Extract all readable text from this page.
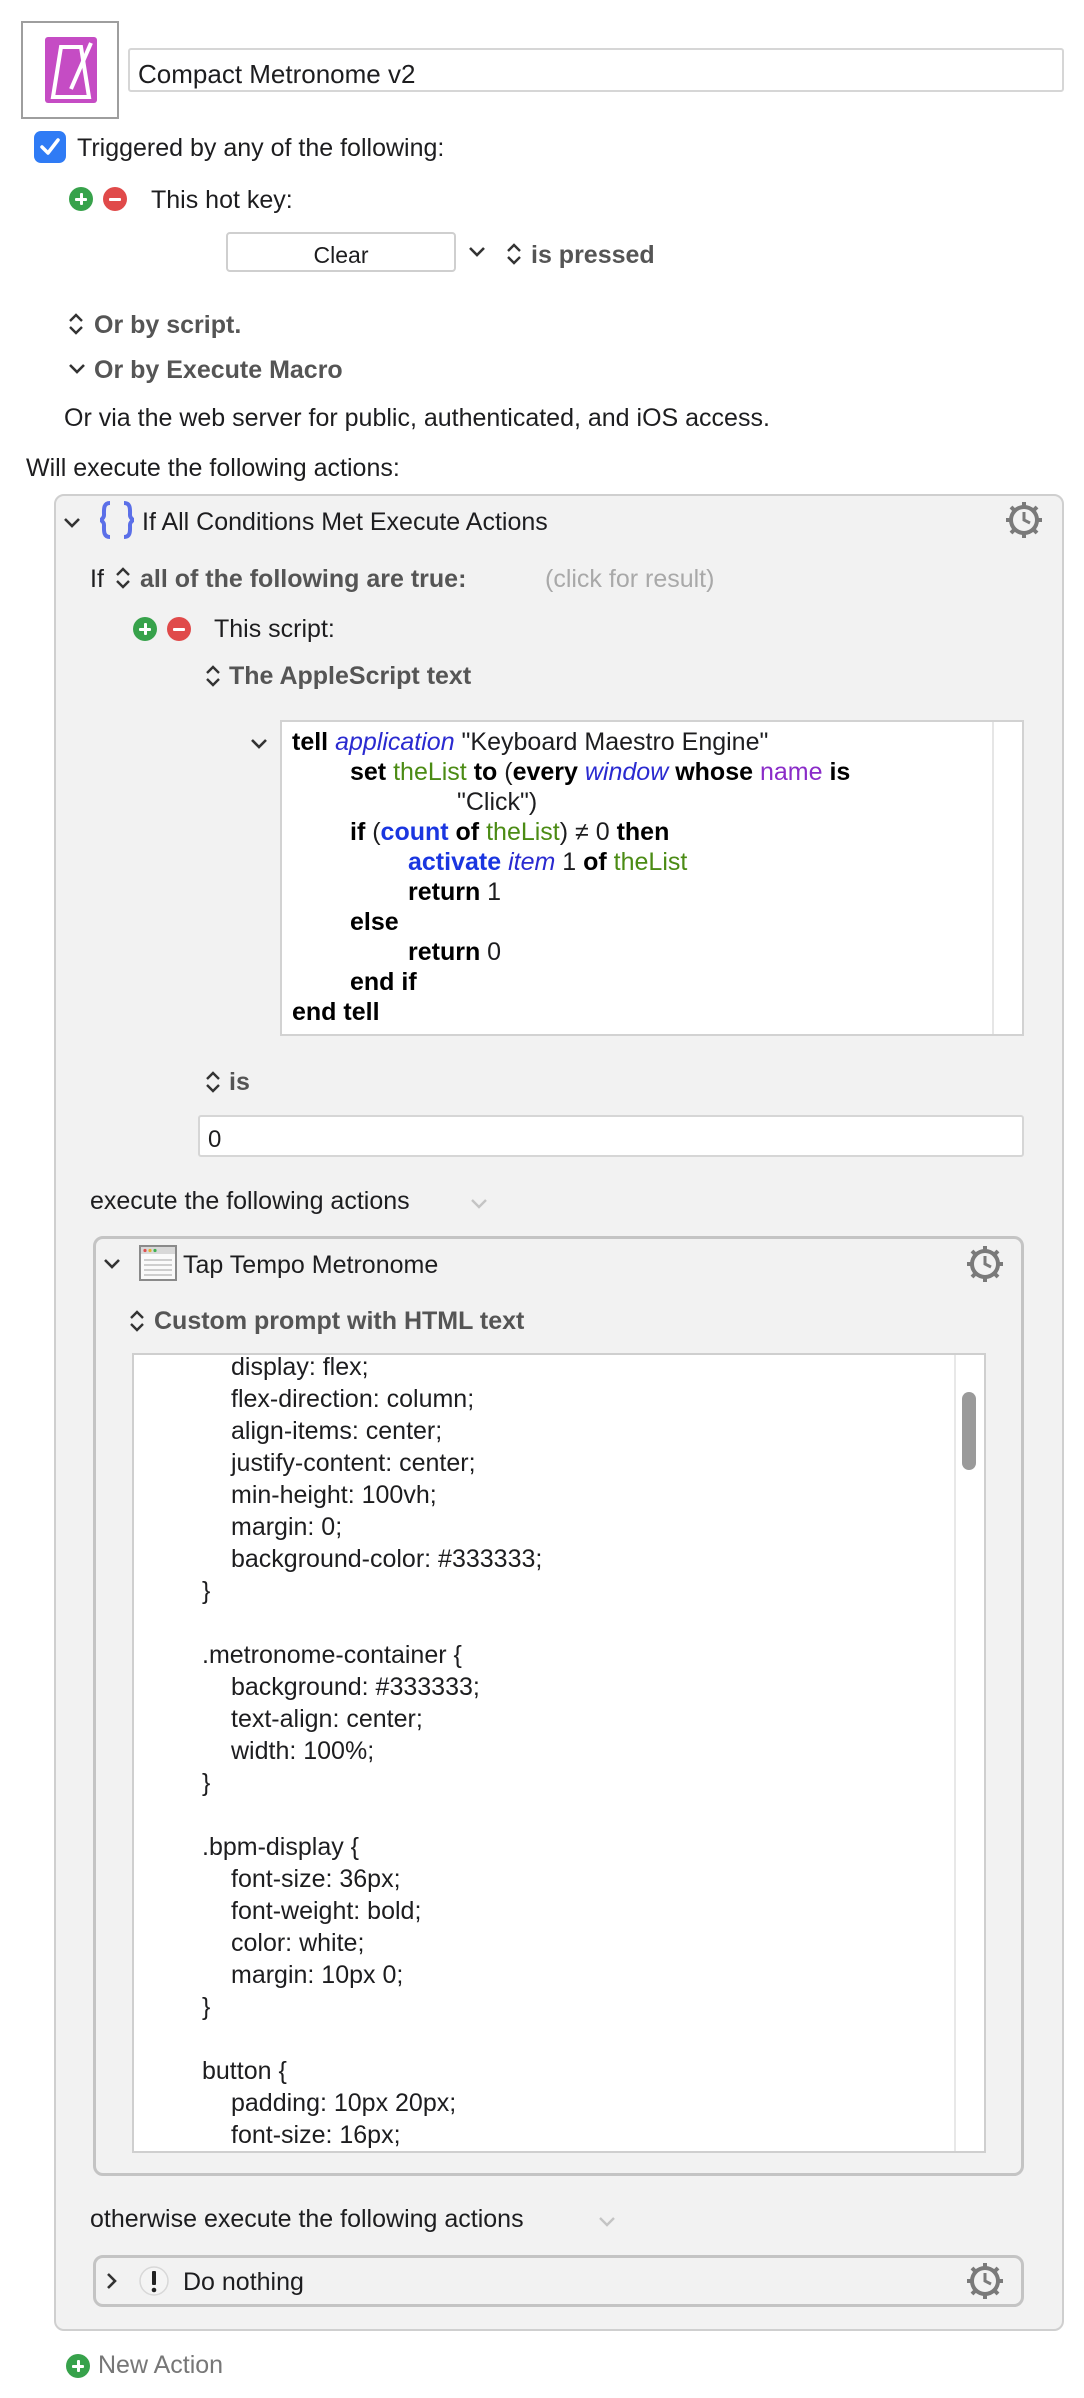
Compact Metronome v2
Triggered by any of the following:
This hot key:
Clear	is pressed
Or by script.
Or by Execute Macro
Or via the web server for public, authenticated, and iOS access.
Will execute the following actions:
If All Conditions Met Execute Actions
If all of the following are true:	(click for result)
This script:
The AppleScript text
tell application "Keyboard Maestro Engine"
set theList to (every window whose name is
"Click")
if (count of theList) ≠ 0 then
activate item 1 of theList
return 1
else
return 0
end if
end tell
is
0
execute the following actions
Tap Tempo Metronome
Custom prompt with HTML text
display: flex;
flex-direction: column;
align-items: center;
justify-content: center;
min-height: 100vh;
margin: 0;
background-color: #333333;
}
.metronome-container {
background: #333333;
text-align: center;
width: 100%;
}
.bpm-display {
font-size: 36px;
font-weight: bold;
color: white;
margin: 10px 0;
}
button {
padding: 10px 20px;
font-size: 16px;
otherwise execute the following actions
Do nothing
New Action
